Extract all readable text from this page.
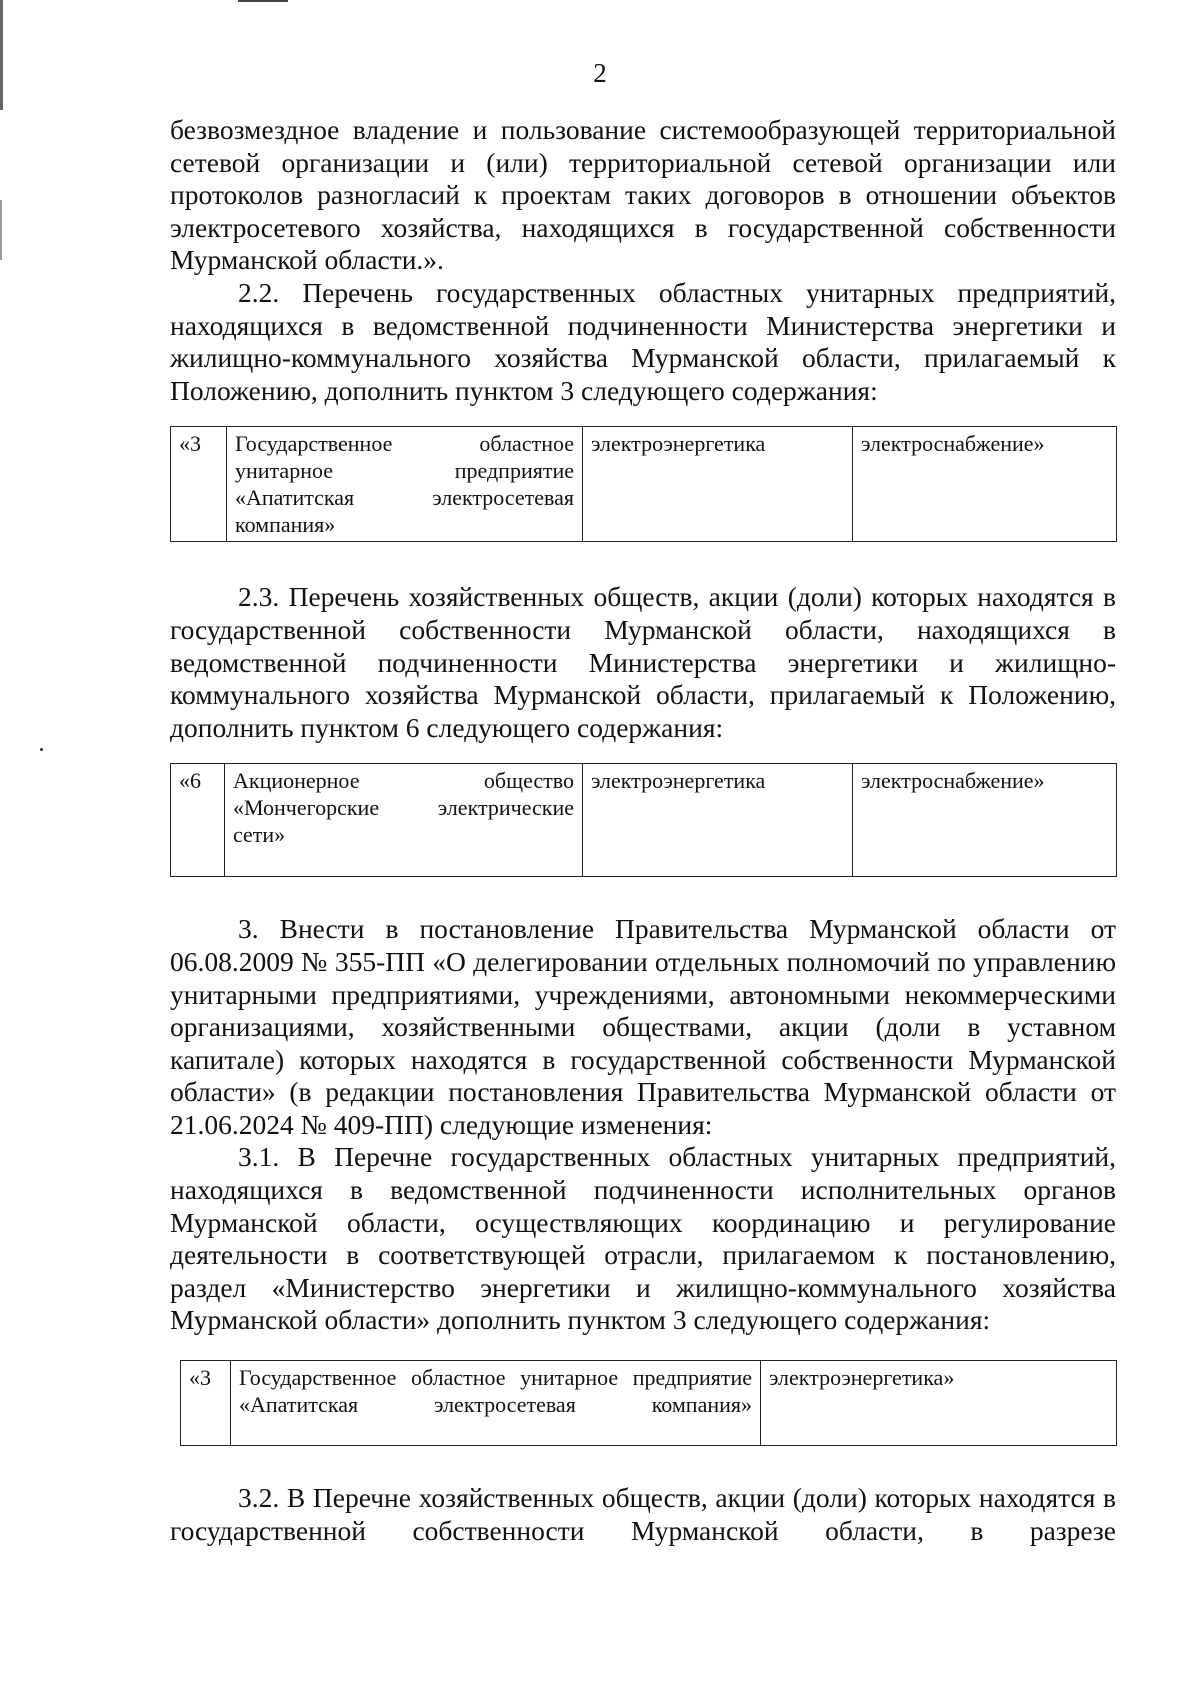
2

безвозмездное владение и пользование системообразующей территориальной сетевой организации и (или) территориальной сетевой организации или протоколов разногласий к проектам таких договоров в отношении объектов электросетевого хозяйства, находящихся в государственной собственности Мурманской области.».

2.2. Перечень государственных областных унитарных предприятий, находящихся в ведомственной подчиненности Министерства энергетики и жилищно-коммунального хозяйства Мурманской области, прилагаемый к Положению, дополнить пунктом 3 следующего содержания:

«3	Государственное областное унитарное предприятие «Апатитская электросетевая компания»	электроэнергетика	электроснабжение»

2.3. Перечень хозяйственных обществ, акции (доли) которых находятся в государственной собственности Мурманской области, находящихся в ведомственной подчиненности Министерства энергетики и жилищно-коммунального хозяйства Мурманской области, прилагаемый к Положению, дополнить пунктом 6 следующего содержания:

«6	Акционерное общество «Мончегорские электрические сети»	электроэнергетика	электроснабжение»

3. Внести в постановление Правительства Мурманской области от 06.08.2009 № 355-ПП «О делегировании отдельных полномочий по управлению унитарными предприятиями, учреждениями, автономными некоммерческими организациями, хозяйственными обществами, акции (доли в уставном капитале) которых находятся в государственной собственности Мурманской области» (в редакции постановления Правительства Мурманской области от 21.06.2024 № 409-ПП) следующие изменения:

3.1. В Перечне государственных областных унитарных предприятий, находящихся в ведомственной подчиненности исполнительных органов Мурманской области, осуществляющих координацию и регулирование деятельности в соответствующей отрасли, прилагаемом к постановлению, раздел «Министерство энергетики и жилищно-коммунального хозяйства Мурманской области» дополнить пунктом 3 следующего содержания:

«3	Государственное областное унитарное предприятие «Апатитская электросетевая компания»	электроэнергетика»

3.2. В Перечне хозяйственных обществ, акции (доли) которых находятся в государственной собственности Мурманской области, в разрезе
